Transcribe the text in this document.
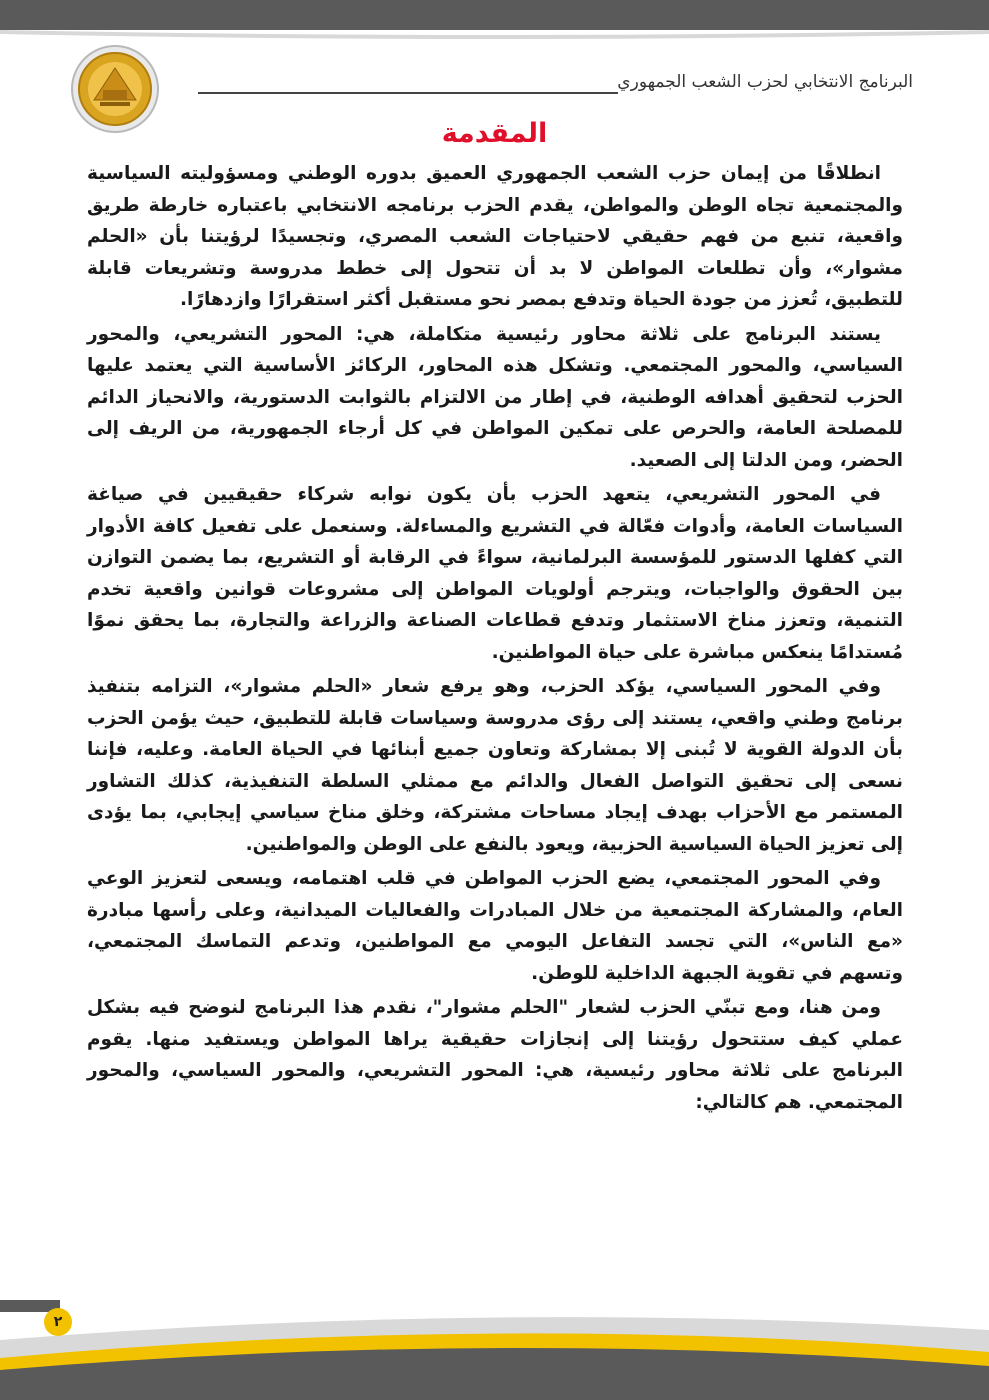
البرنامج الانتخابي لحزب الشعب الجمهوري
المقدمة

انطلاقًا من إيمان حزب الشعب الجمهوري العميق بدوره الوطني ومسؤوليته السياسية والمجتمعية تجاه الوطن والمواطن، يقدم الحزب برنامجه الانتخابي باعتباره خارطة طريق واقعية، تنبع من فهم حقيقي لاحتياجات الشعب المصري، وتجسيدًا لرؤيتنا بأن «الحلم مشوار»، وأن تطلعات المواطن لا بد أن تتحول إلى خطط مدروسة وتشريعات قابلة للتطبيق، تُعزز من جودة الحياة وتدفع بمصر نحو مستقبل أكثر استقرارًا وازدهارًا.

يستند البرنامج على ثلاثة محاور رئيسية متكاملة، هي: المحور التشريعي، والمحور السياسي، والمحور المجتمعي. وتشكل هذه المحاور، الركائز الأساسية التي يعتمد عليها الحزب لتحقيق أهدافه الوطنية، في إطار من الالتزام بالثوابت الدستورية، والانحياز الدائم للمصلحة العامة، والحرص على تمكين المواطن في كل أرجاء الجمهورية، من الريف إلى الحضر، ومن الدلتا إلى الصعيد.

في المحور التشريعي، يتعهد الحزب بأن يكون نوابه شركاء حقيقيين في صياغة السياسات العامة، وأدوات فعّالة في التشريع والمساءلة. وسنعمل على تفعيل كافة الأدوار التي كفلها الدستور للمؤسسة البرلمانية، سواءً في الرقابة أو التشريع، بما يضمن التوازن بين الحقوق والواجبات، ويترجم أولويات المواطن إلى مشروعات قوانين واقعية تخدم التنمية، وتعزز مناخ الاستثمار وتدفع قطاعات الصناعة والزراعة والتجارة، بما يحقق نموًا مُستدامًا ينعكس مباشرة على حياة المواطنين.

وفي المحور السياسي، يؤكد الحزب، وهو يرفع شعار «الحلم مشوار»، التزامه بتنفيذ برنامج وطني واقعي، يستند إلى رؤى مدروسة وسياسات قابلة للتطبيق، حيث يؤمن الحزب بأن الدولة القوية لا تُبنى إلا بمشاركة وتعاون جميع أبنائها في الحياة العامة. وعليه، فإننا نسعى إلى تحقيق التواصل الفعال والدائم مع ممثلي السلطة التنفيذية، كذلك التشاور المستمر مع الأحزاب بهدف إيجاد مساحات مشتركة، وخلق مناخ سياسي إيجابي، بما يؤدى إلى تعزيز الحياة السياسية الحزبية، ويعود بالنفع على الوطن والمواطنين.

وفي المحور المجتمعي، يضع الحزب المواطن في قلب اهتمامه، ويسعى لتعزيز الوعي العام، والمشاركة المجتمعية من خلال المبادرات والفعاليات الميدانية، وعلى رأسها مبادرة «مع الناس»، التي تجسد التفاعل اليومي مع المواطنين، وتدعم التماسك المجتمعي، وتسهم في تقوية الجبهة الداخلية للوطن.

ومن هنا، ومع تبنّي الحزب لشعار "الحلم مشوار"، نقدم هذا البرنامج لنوضح فيه بشكل عملي كيف ستتحول رؤيتنا إلى إنجازات حقيقية يراها المواطن ويستفيد منها. يقوم البرنامج على ثلاثة محاور رئيسية، هي: المحور التشريعي، والمحور السياسي، والمحور المجتمعي. هم كالتالي:

٢
